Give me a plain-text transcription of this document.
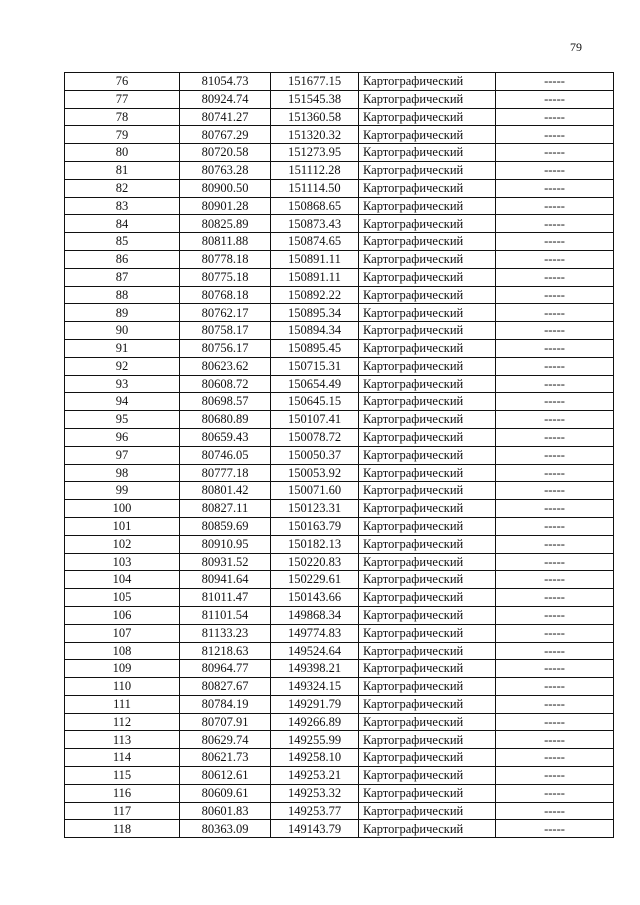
79
76	81054.73	151677.15	Картографический	-----
77	80924.74	151545.38	Картографический	-----
78	80741.27	151360.58	Картографический	-----
79	80767.29	151320.32	Картографический	-----
80	80720.58	151273.95	Картографический	-----
81	80763.28	151112.28	Картографический	-----
82	80900.50	151114.50	Картографический	-----
83	80901.28	150868.65	Картографический	-----
84	80825.89	150873.43	Картографический	-----
85	80811.88	150874.65	Картографический	-----
86	80778.18	150891.11	Картографический	-----
87	80775.18	150891.11	Картографический	-----
88	80768.18	150892.22	Картографический	-----
89	80762.17	150895.34	Картографический	-----
90	80758.17	150894.34	Картографический	-----
91	80756.17	150895.45	Картографический	-----
92	80623.62	150715.31	Картографический	-----
93	80608.72	150654.49	Картографический	-----
94	80698.57	150645.15	Картографический	-----
95	80680.89	150107.41	Картографический	-----
96	80659.43	150078.72	Картографический	-----
97	80746.05	150050.37	Картографический	-----
98	80777.18	150053.92	Картографический	-----
99	80801.42	150071.60	Картографический	-----
100	80827.11	150123.31	Картографический	-----
101	80859.69	150163.79	Картографический	-----
102	80910.95	150182.13	Картографический	-----
103	80931.52	150220.83	Картографический	-----
104	80941.64	150229.61	Картографический	-----
105	81011.47	150143.66	Картографический	-----
106	81101.54	149868.34	Картографический	-----
107	81133.23	149774.83	Картографический	-----
108	81218.63	149524.64	Картографический	-----
109	80964.77	149398.21	Картографический	-----
110	80827.67	149324.15	Картографический	-----
111	80784.19	149291.79	Картографический	-----
112	80707.91	149266.89	Картографический	-----
113	80629.74	149255.99	Картографический	-----
114	80621.73	149258.10	Картографический	-----
115	80612.61	149253.21	Картографический	-----
116	80609.61	149253.32	Картографический	-----
117	80601.83	149253.77	Картографический	-----
118	80363.09	149143.79	Картографический	-----
